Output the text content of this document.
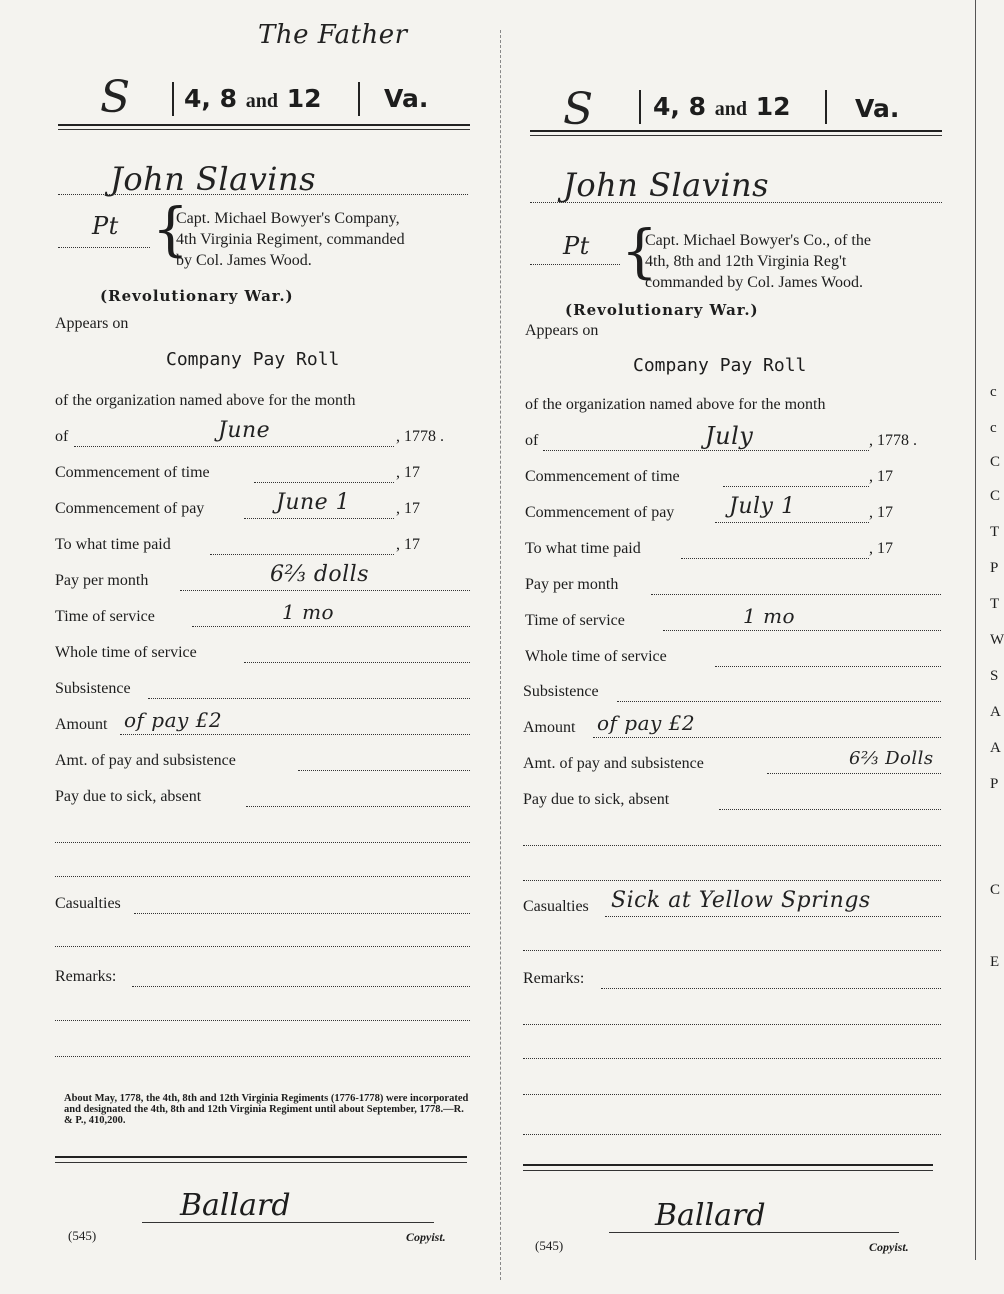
The Father
S 4, 8 and 12	Va.
John Slavins
Pt {
Capt. Michael Bowyer's Company,
4th Virginia Regiment, commanded
by Col. James Wood.
(Revolutionary War.)
Appears on
Company Pay Roll
of the organization named above for the month
of	June	, 1778 .
Commencement of time	, 17
Commencement of pay	June 1	, 17
To what time paid	, 17
Pay per month	6⅔ dolls
Time of service	1 mo
Whole time of service
Subsistence
Amount of pay £2
Amt. of pay and subsistence
Pay due to sick, absent
Casualties
Remarks:
About May, 1778, the 4th, 8th and 12th Virginia Regiments (1776-1778) were incorporated and designated the 4th, 8th and 12th Virginia Regiment until about September, 1778.—R. & P., 410,200.
Ballard
(545)	Copyist.
S 4, 8 and 12	Va.
John Slavins
Pt {
Capt. Michael Bowyer's Co., of the
4th, 8th and 12th Virginia Reg't
commanded by Col. James Wood.
(Revolutionary War.)
Appears on
Company Pay Roll
of the organization named above for the month
of	July	, 1778 .
Commencement of time	, 17
Commencement of pay July 1	, 17
To what time paid	, 17
Pay per month
Time of service	1 mo
Whole time of service
Subsistence
Amount of pay £2
Amt. of pay and subsistence	6⅔ Dolls
Pay due to sick, absent
Casualties Sick at Yellow Springs
Remarks:
Ballard
(545)	Copyist.
c
c
C
C
T
P
T
W
S
A
A
P
C
E
